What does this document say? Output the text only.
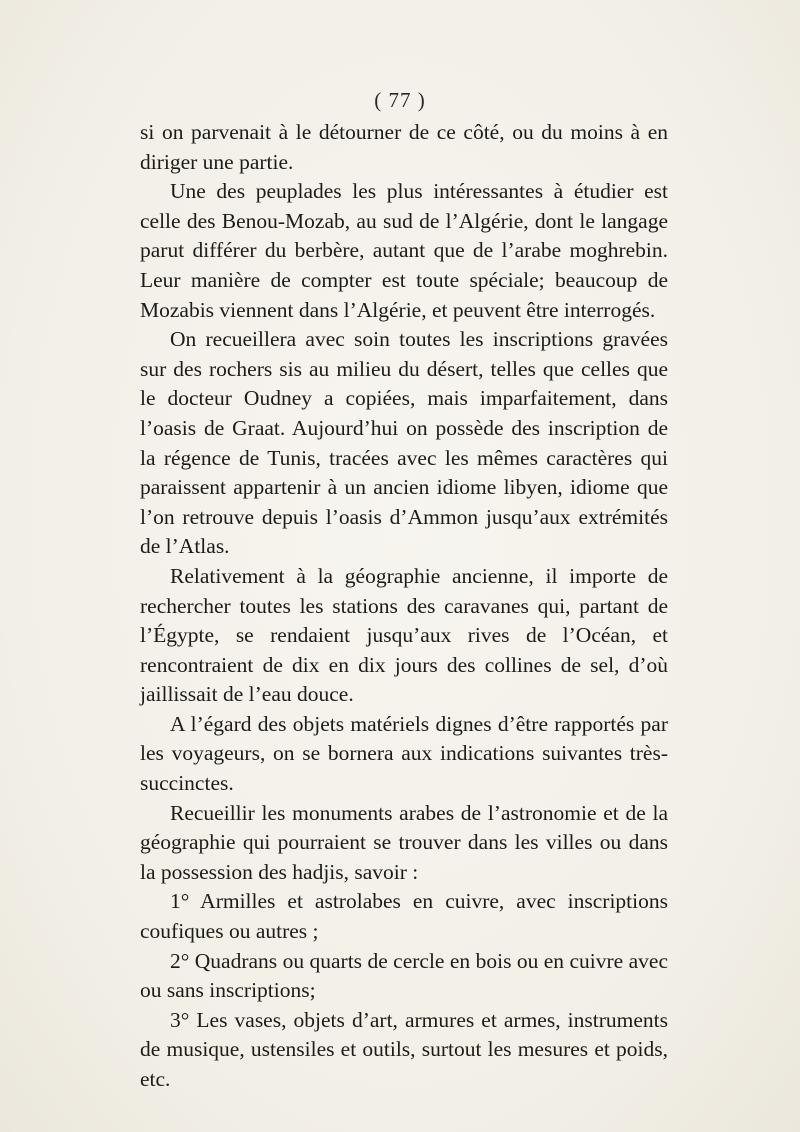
( 77 )

si on parvenait à le détourner de ce côté, ou du moins à en diriger une partie.

Une des peuplades les plus intéressantes à étudier est celle des Benou-Mozab, au sud de l’Algérie, dont le langage parut différer du berbère, autant que de l’arabe moghrebin. Leur manière de compter est toute spéciale; beaucoup de Mozabis viennent dans l’Algérie, et peuvent être interrogés.

On recueillera avec soin toutes les inscriptions gravées sur des rochers sis au milieu du désert, telles que celles que le docteur Oudney a copiées, mais imparfaitement, dans l’oasis de Graat. Aujourd’hui on possède des inscription de la régence de Tunis, tracées avec les mêmes caractères qui paraissent appartenir à un ancien idiome libyen, idiome que l’on retrouve depuis l’oasis d’Ammon jusqu’aux extrémités de l’Atlas.

Relativement à la géographie ancienne, il importe de rechercher toutes les stations des caravanes qui, partant de l’Égypte, se rendaient jusqu’aux rives de l’Océan, et rencontraient de dix en dix jours des collines de sel, d’où jaillissait de l’eau douce.

A l’égard des objets matériels dignes d’être rapportés par les voyageurs, on se bornera aux indications suivantes très-succinctes.

Recueillir les monuments arabes de l’astronomie et de la géographie qui pourraient se trouver dans les villes ou dans la possession des hadjis, savoir :

1° Armilles et astrolabes en cuivre, avec inscriptions coufiques ou autres ;

2° Quadrans ou quarts de cercle en bois ou en cuivre avec ou sans inscriptions;

3° Les vases, objets d’art, armures et armes, instruments de musique, ustensiles et outils, surtout les mesures et poids, etc.
